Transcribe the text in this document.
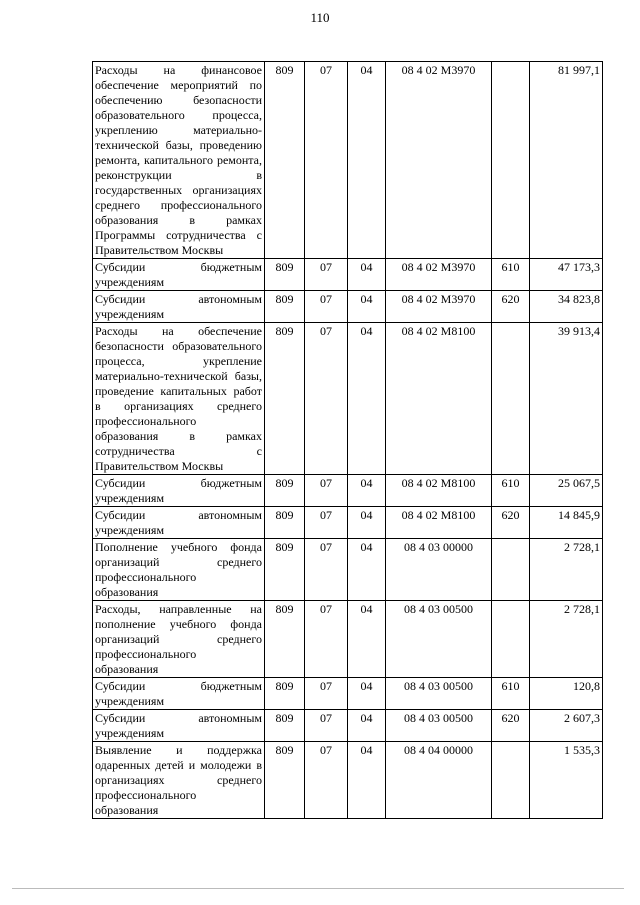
110
Расходы на финансовое обеспечение мероприятий по обеспечению безопасности образовательного процесса, укреплению материально-технической базы, проведению ремонта, капитального ремонта, реконструкции в государственных организациях среднего профессионального образования в рамках Программы сотрудничества с Правительством Москвы	809	07	04	08 4 02 М3970		81 997,1
Субсидии бюджетным учреждениям	809	07	04	08 4 02 М3970	610	47 173,3
Субсидии автономным учреждениям	809	07	04	08 4 02 М3970	620	34 823,8
Расходы на обеспечение безопасности образовательного процесса, укрепление материально-технической базы, проведение капитальных работ в организациях среднего профессионального образования в рамках сотрудничества с Правительством Москвы	809	07	04	08 4 02 М8100		39 913,4
Субсидии бюджетным учреждениям	809	07	04	08 4 02 М8100	610	25 067,5
Субсидии автономным учреждениям	809	07	04	08 4 02 М8100	620	14 845,9
Пополнение учебного фонда организаций среднего профессионального образования	809	07	04	08 4 03 00000		2 728,1
Расходы, направленные на пополнение учебного фонда организаций среднего профессионального образования	809	07	04	08 4 03 00500		2 728,1
Субсидии бюджетным учреждениям	809	07	04	08 4 03 00500	610	120,8
Субсидии автономным учреждениям	809	07	04	08 4 03 00500	620	2 607,3
Выявление и поддержка одаренных детей и молодежи в организациях среднего профессионального образования	809	07	04	08 4 04 00000		1 535,3
